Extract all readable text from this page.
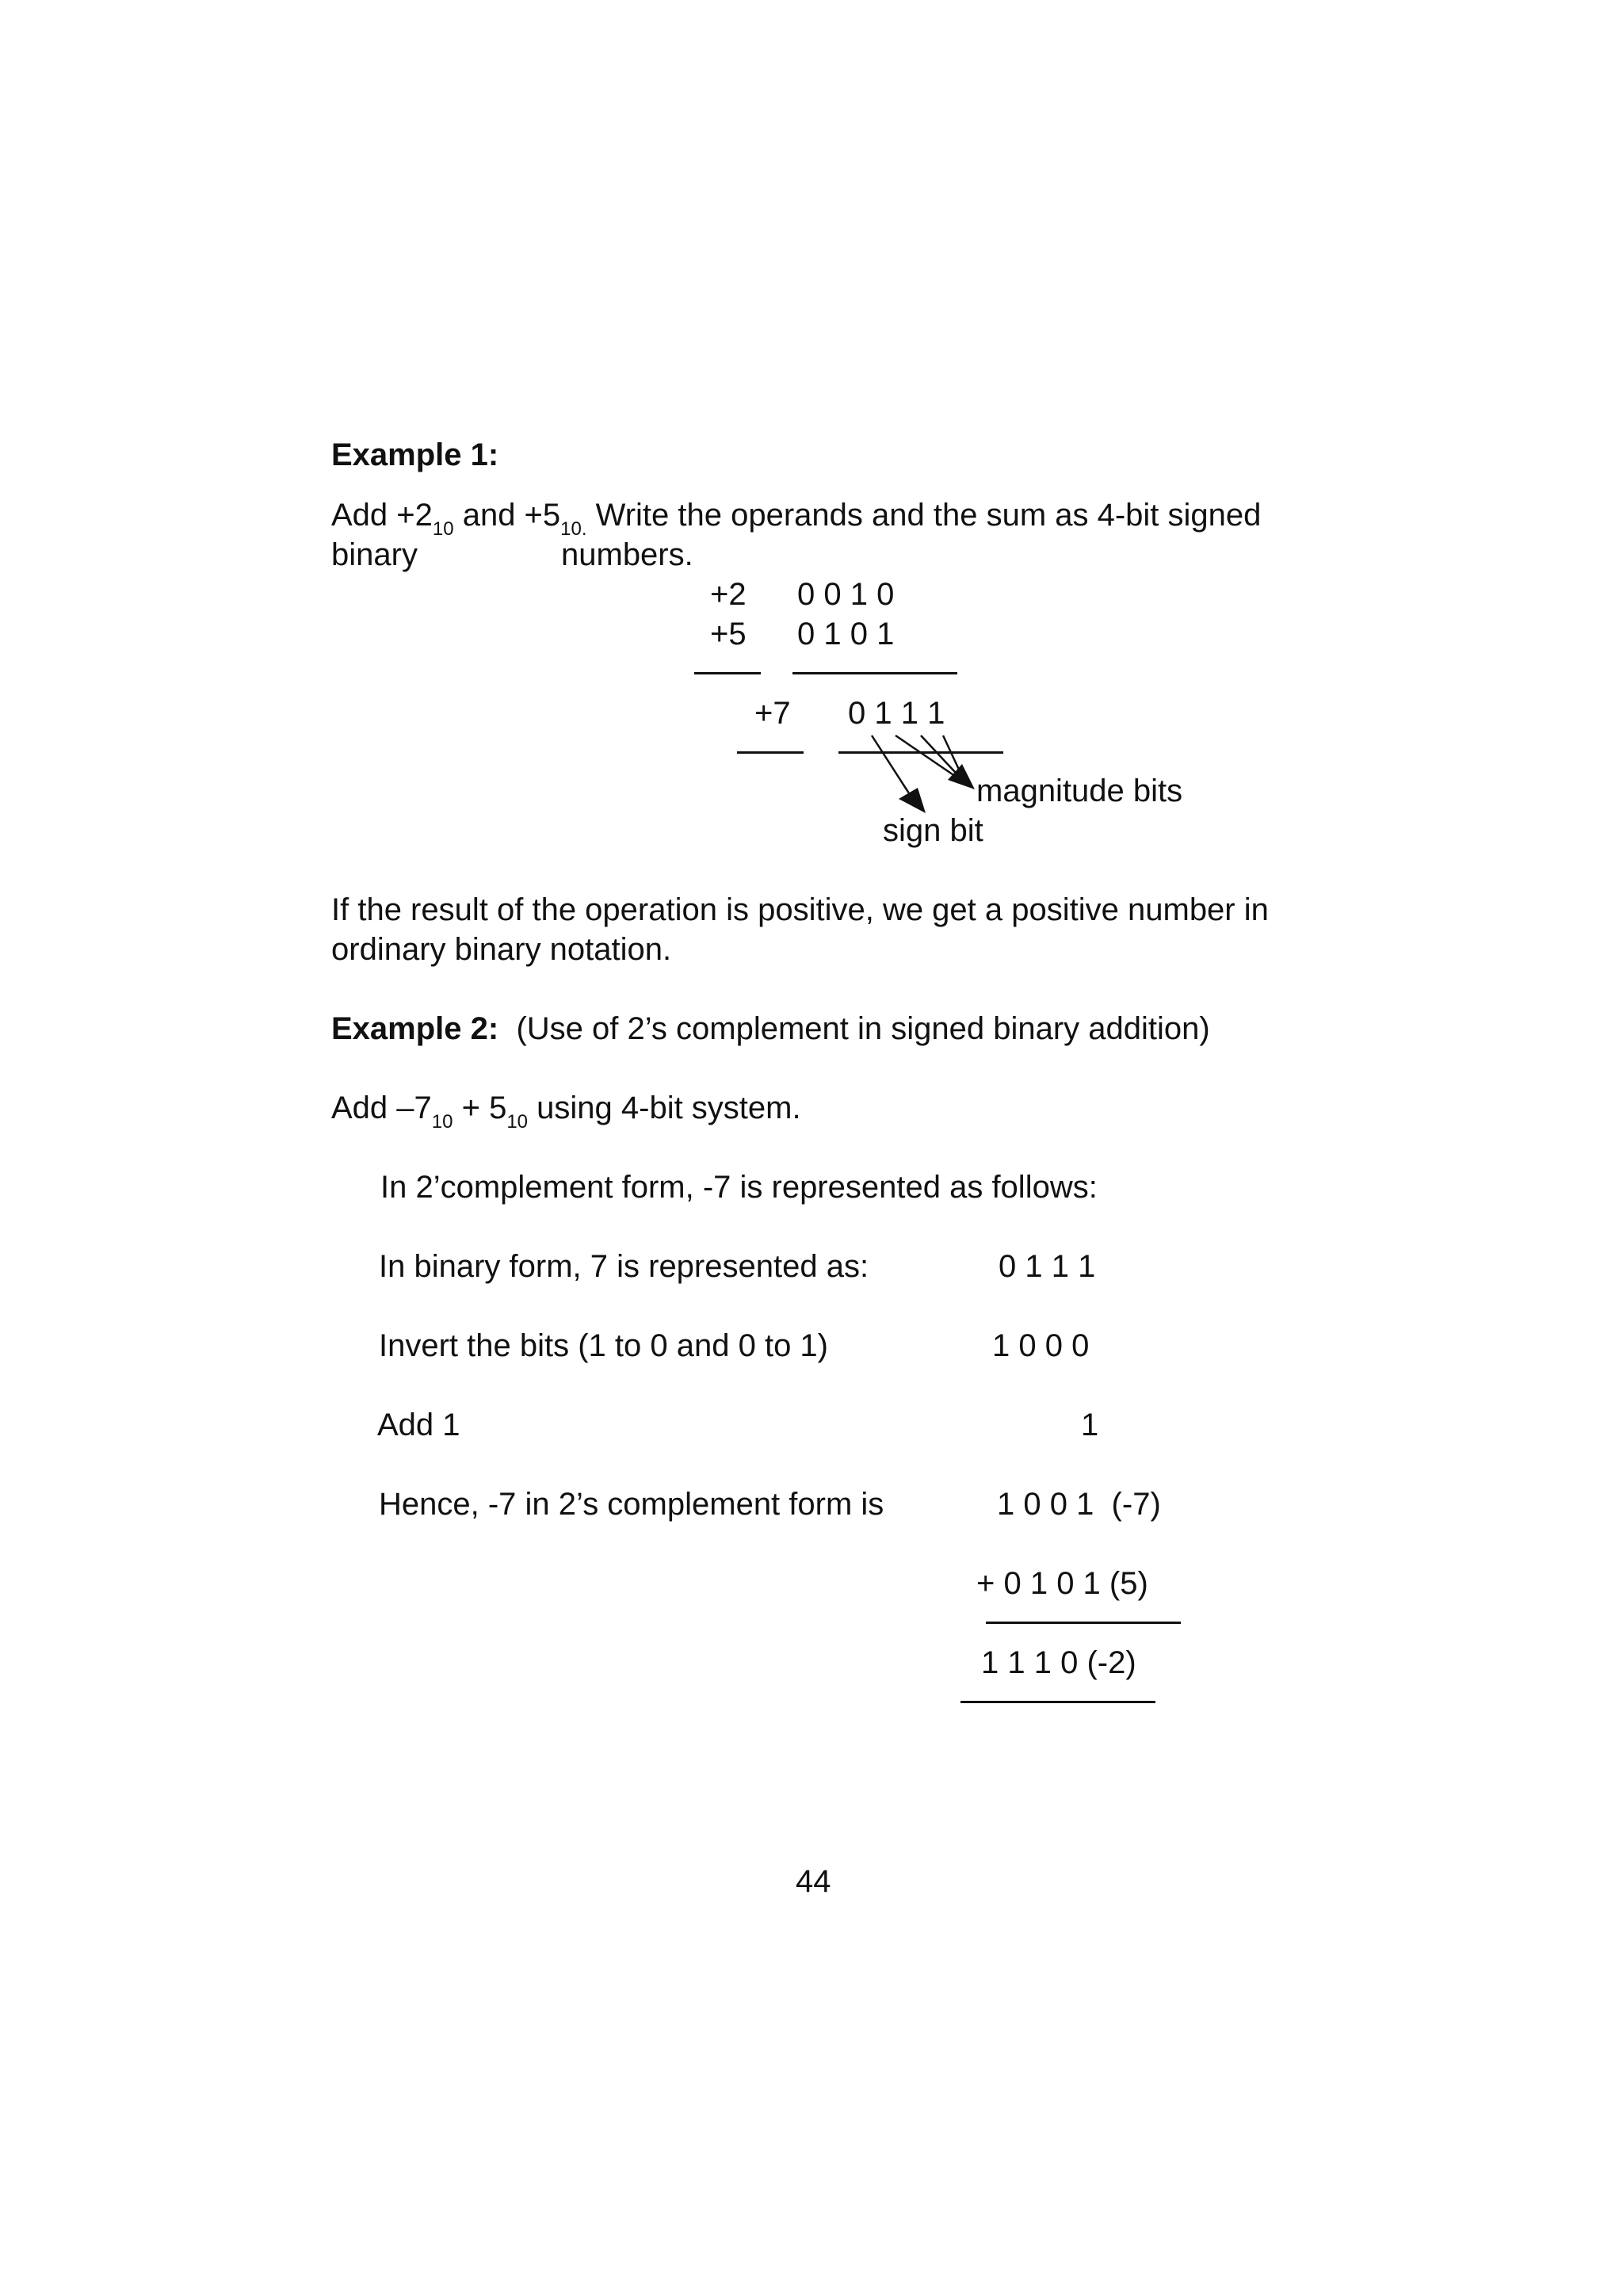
Example 1:
Add $+2_{10}$ and $+5_{10.}$ Write the operands and the sum as 4-bit signed
binary	numbers.
+2 0 0 1 0
+5 0 1 0 1
+7 0 1 1 1
magnitude bits
sign bit
If the result of the operation is positive, we get a positive number in
ordinary binary notation.
Example 2: (Use of 2’s complement in signed binary addition)
Add $-7_{10} + 5_{10}$ using 4-bit system.
In 2’complement form, -7 is represented as follows:
In binary form, 7 is represented as:	0 1 1 1
Invert the bits (1 to 0 and 0 to 1)	1 0 0 0
Add 1	1
Hence, -7 in 2’s complement form is	1 0 0 1  (-7)
+ 0 1 0 1 (5)
1 1 1 0 (-2)
44
